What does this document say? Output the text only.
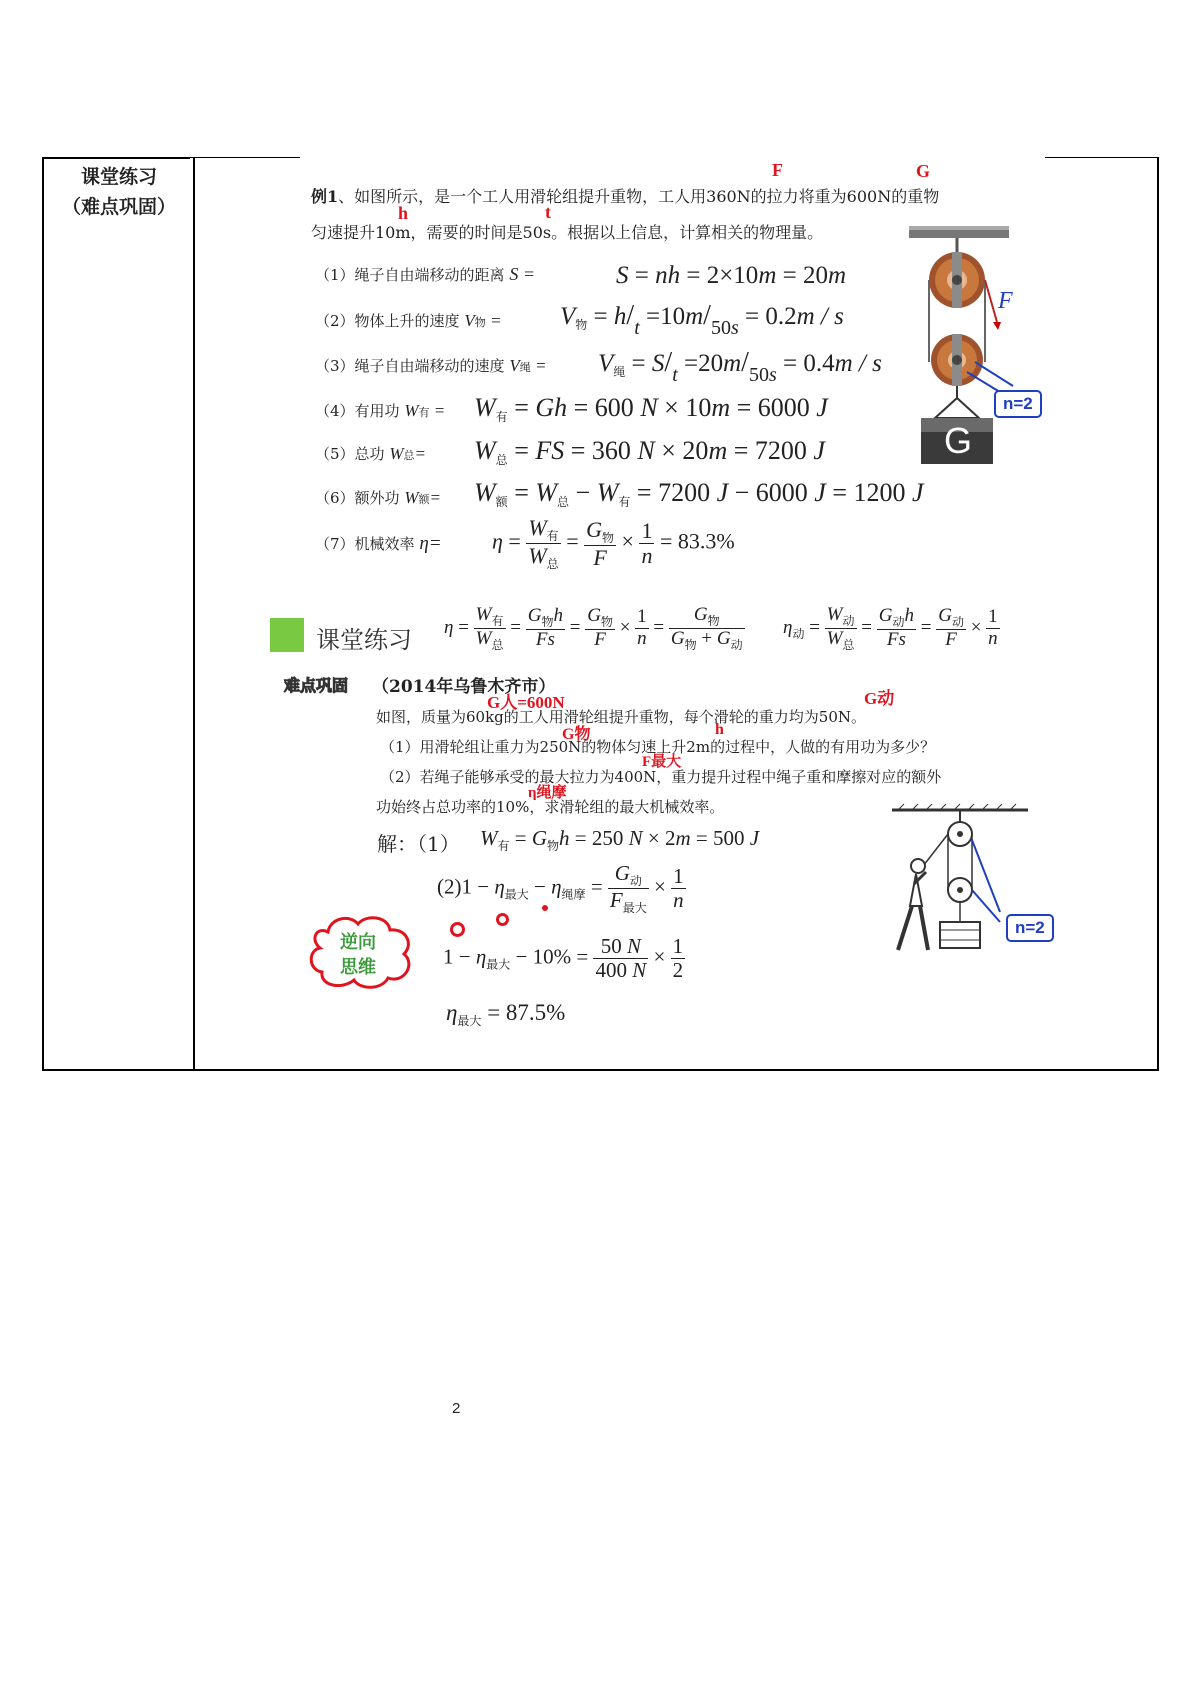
课堂练习
（难点巩固）
F	G
例1、如图所示，是一个工人用滑轮组提升重物，工人用360N的拉力将重为600N的重物
h	t
匀速提升10m，需要的时间是50s。根据以上信息，计算相关的物理量。
（1）绳子自由端移动的距离 S =	S = nh = 2×10m = 20m
（2）物体上升的速度 V物 = $V_物 = h/_t =10m/_{50s} = 0.2m / s$
（3）绳子自由端移动的速度 V绳 = $V_绳 = S/_t =20m/_{50s} = 0.4m / s$
（4）有用功 W有 = $W_有 = Gh = 600$ N × 10m = 6000 J
（5）总功 W总= $W_总$ = FS = 360 N × 20m = 7200 J
（6）额外功 W额= $W_额 = W_总 - W_有 = 7200$ J − 6000 J = 1200 J
（7）机械效率 $\eta= \eta = \frac{W_有}{W_总} = \frac{G_物}{F} \times \frac{1}{n} = 83.3\%$
F
G
n=2
课堂练习 $\eta = \frac{W_有}{W_总} = \frac{G_物h}{Fs} = \frac{G_物}{F} \times \frac{1}{n} = \frac{G_物}{G_物 + G_动} \eta_动 = \frac{W_动}{W_总} = \frac{G_动h}{Fs} = \frac{G_动}{F} \times \frac{1}{n}$
难点巩固 （2014年乌鲁木齐市）
G人=600N	G动
如图，质量为60kg的工人用滑轮组提升重物，每个滑轮的重力均为50N。
G物	h
（1）用滑轮组让重力为250N的物体匀速上升2m的过程中，人做的有用功为多少？
F最大
（2）若绳子能够承受的最大拉力为400N，重力提升过程中绳子重和摩擦对应的额外
η绳摩
功始终占总功率的10%，求滑轮组的最大机械效率。
解：（1） $W_有 = G_物h = 250$ N × 2m = 500 J
$(2)1 - \eta_{最大} - \eta_{绳摩} = \frac{G_动}{F_{最大}} \times \frac{1}{n}$
$1 - \eta_{最大} - 10\% = \frac{50 N}{400 N} \times \frac{1}{2}$
$\eta_{最大} = 87.5\%$
逆向
思维
n=2
2
